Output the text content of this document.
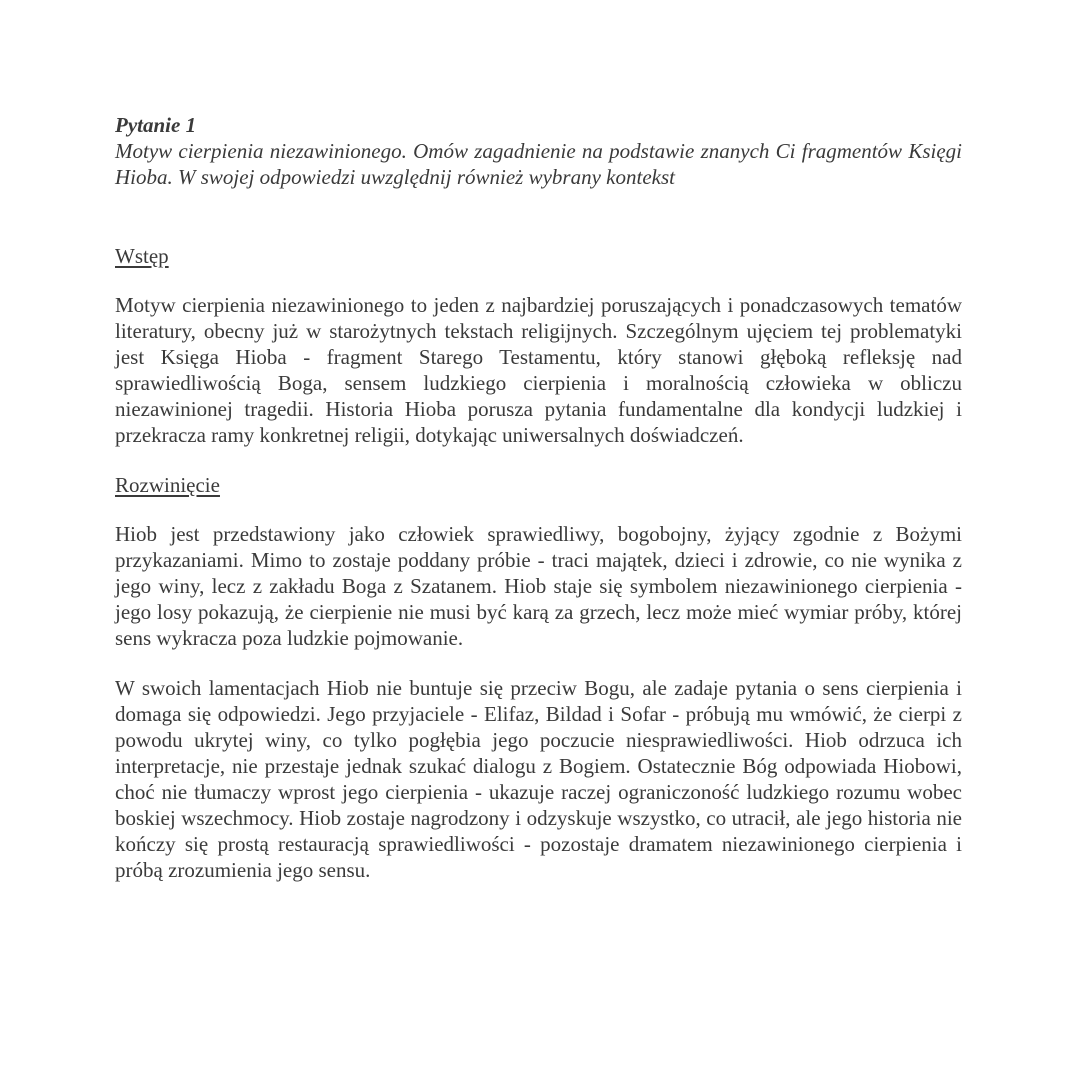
Pytanie 1

Motyw cierpienia niezawinionego. Omów zagadnienie na podstawie znanych Ci fragmentów Księgi Hioba. W swojej odpowiedzi uwzględnij również wybrany kontekst

Wstęp

Motyw cierpienia niezawinionego to jeden z najbardziej poruszających i ponadczasowych tematów literatury, obecny już w starożytnych tekstach religijnych. Szczególnym ujęciem tej problematyki jest Księga Hioba - fragment Starego Testamentu, który stanowi głęboką refleksję nad sprawiedliwością Boga, sensem ludzkiego cierpienia i moralnością człowieka w obliczu niezawinionej tragedii. Historia Hioba porusza pytania fundamentalne dla kondycji ludzkiej i przekracza ramy konkretnej religii, dotykając uniwersalnych doświadczeń.

Rozwinięcie

Hiob jest przedstawiony jako człowiek sprawiedliwy, bogobojny, żyjący zgodnie z Bożymi przykazaniami. Mimo to zostaje poddany próbie - traci majątek, dzieci i zdrowie, co nie wynika z jego winy, lecz z zakładu Boga z Szatanem. Hiob staje się symbolem niezawinionego cierpienia - jego losy pokazują, że cierpienie nie musi być karą za grzech, lecz może mieć wymiar próby, której sens wykracza poza ludzkie pojmowanie.

W swoich lamentacjach Hiob nie buntuje się przeciw Bogu, ale zadaje pytania o sens cierpienia i domaga się odpowiedzi. Jego przyjaciele - Elifaz, Bildad i Sofar - próbują mu wmówić, że cierpi z powodu ukrytej winy, co tylko pogłębia jego poczucie niesprawiedliwości. Hiob odrzuca ich interpretacje, nie przestaje jednak szukać dialogu z Bogiem. Ostatecznie Bóg odpowiada Hiobowi, choć nie tłumaczy wprost jego cierpienia - ukazuje raczej ograniczoność ludzkiego rozumu wobec boskiej wszechmocy. Hiob zostaje nagrodzony i odzyskuje wszystko, co utracił, ale jego historia nie kończy się prostą restauracją sprawiedliwości - pozostaje dramatem niezawinionego cierpienia i próbą zrozumienia jego sensu.
